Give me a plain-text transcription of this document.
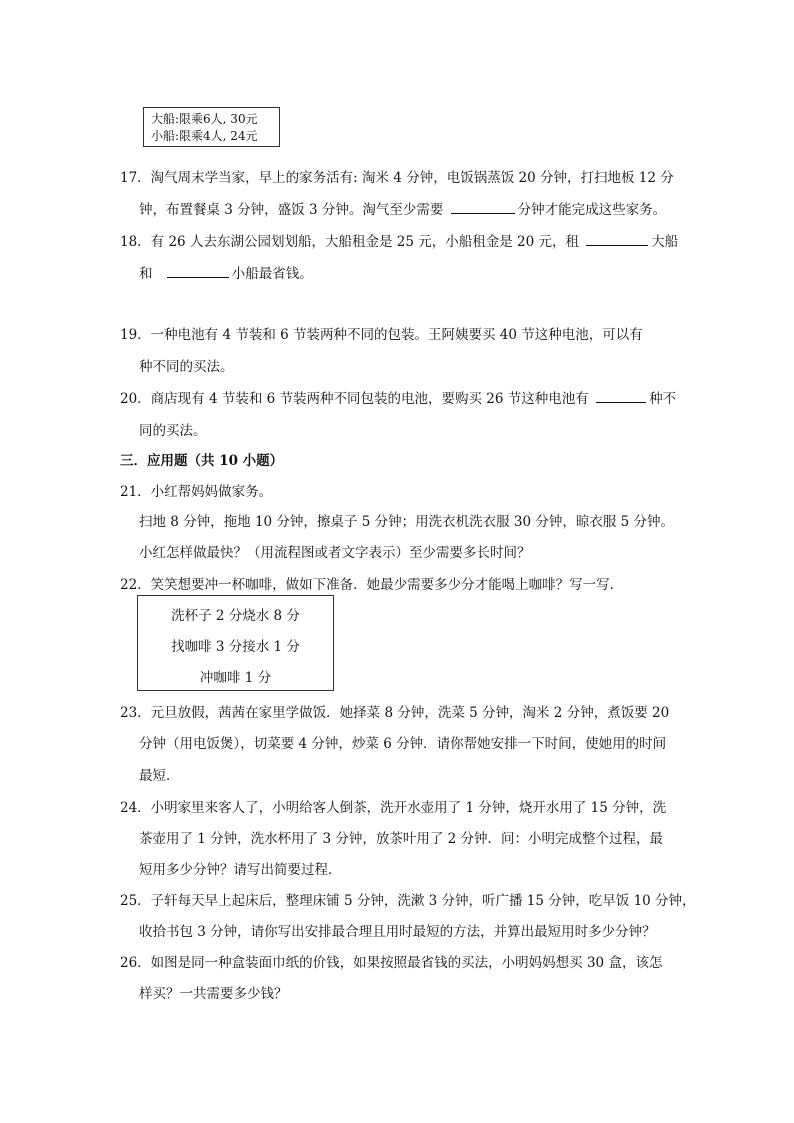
大船:限乘6人, 30元
小船:限乘4人, 24元
17．淘气周末学当家，早上的家务活有: 淘米 4 分钟，电饭锅蒸饭 20 分钟，打扫地板 12 分
钟，布置餐桌 3 分钟，盛饭 3 分钟。淘气至少需要	分钟才能完成这些家务。
18．有 26 人去东湖公园划划船，大船租金是 25 元，小船租金是 20 元，租	大船
和	小船最省钱。
19．一种电池有 4 节装和 6 节装两种不同的包装。王阿姨要买 40 节这种电池，可以有
种不同的买法。
20．商店现有 4 节装和 6 节装两种不同包装的电池，要购买 26 节这种电池有	种不
同的买法。
三．应用题（共 10 小题）
21．小红帮妈妈做家务。
扫地 8 分钟，拖地 10 分钟，擦桌子 5 分钟；用洗衣机洗衣服 30 分钟，晾衣服 5 分钟。
小红怎样做最快？（用流程图或者文字表示）至少需要多长时间？
22．笑笑想要冲一杯咖啡，做如下准备．她最少需要多少分才能喝上咖啡？写一写．
洗杯子 2 分烧水 8 分
找咖啡 3 分接水 1 分
冲咖啡 1 分
23．元旦放假，茜茜在家里学做饭．她择菜 8 分钟，洗菜 5 分钟，淘米 2 分钟，煮饭要 20
分钟（用电饭煲），切菜要 4 分钟，炒菜 6 分钟．请你帮她安排一下时间，使她用的时间
最短．
24．小明家里来客人了，小明给客人倒茶，洗开水壶用了 1 分钟，烧开水用了 15 分钟，洗
茶壶用了 1 分钟，洗水杯用了 3 分钟，放茶叶用了 2 分钟．问：小明完成整个过程，最
短用多少分钟？请写出简要过程．
25．子轩每天早上起床后，整理床铺 5 分钟，洗漱 3 分钟，听广播 15 分钟，吃早饭 10 分钟，
收拾书包 3 分钟，请你写出安排最合理且用时最短的方法，并算出最短用时多少分钟？
26．如图是同一种盒装面巾纸的价钱，如果按照最省钱的买法，小明妈妈想买 30 盒，该怎
样买？一共需要多少钱？
